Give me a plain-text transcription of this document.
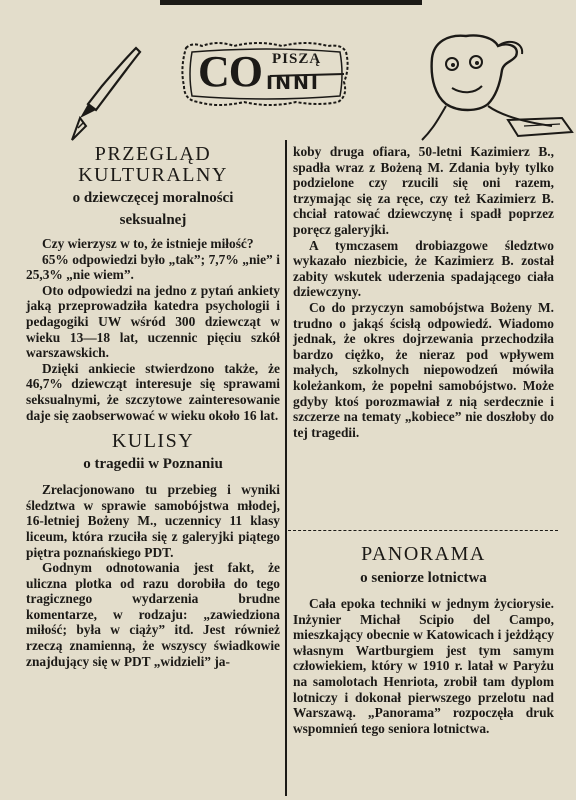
CO PISZĄ
INNI
PRZEGLĄD
KULTURALNY
o dziewczęcej moralności
seksualnej

Czy wierzysz w to, że istnieje miłość?

65% odpowiedzi było „tak”; 7,7% „nie” i 25,3% „nie wiem”.

Oto odpowiedzi na jedno z pytań ankiety jaką przeprowadziła katedra psychologii i pedagogiki UW wśród 300 dziewcząt w wieku 13—18 lat, uczennic pięciu szkół warszawskich.

Dzięki ankiecie stwierdzono także, że 46,7% dziewcząt interesuje się sprawami seksualnymi, że szczytowe zainteresowanie daje się zaobserwować w wieku około 16 lat.

KULISY
o tragedii w Poznaniu

Zrelacjonowano tu przebieg i wyniki śledztwa w sprawie samobójstwa młodej, 16-letniej Bożeny M., uczennicy 11 klasy liceum, która rzuciła się z galeryjki piątego piętra poznańskiego PDT.

Godnym odnotowania jest fakt, że uliczna plotka od razu dorobiła do tego tragicznego wydarzenia brudne komentarze, w rodzaju: „zawiedziona miłość; była w ciąży” itd. Jest również rzeczą znamienną, że wszyscy świadkowie znajdujący się w PDT „widzieli” ja-

koby druga ofiara, 50-letni Kazimierz B., spadła wraz z Bożeną M. Zdania były tylko podzielone czy rzucili się oni razem, trzymając się za ręce, czy też Kazimierz B. chciał ratować dziewczynę i spadł poprzez poręcz galeryjki.

A tymczasem drobiazgowe śledztwo wykazało niezbicie, że Kazimierz B. został zabity wskutek uderzenia spadającego ciała dziewczyny.

Co do przyczyn samobójstwa Bożeny M. trudno o jakąś ścisłą odpowiedź. Wiadomo jednak, że okres dojrzewania przechodziła bardzo ciężko, że nieraz pod wpływem małych, szkolnych niepowodzeń mówiła koleżankom, że popełni samobójstwo. Może gdyby ktoś porozmawiał z nią serdecznie i szczerze na tematy „kobiece” nie doszłoby do tej tragedii.

PANORAMA
o seniorze lotnictwa

Cała epoka techniki w jednym życiorysie. Inżynier Michał Scipio del Campo, mieszkający obecnie w Katowicach i jeżdżący własnym Wartburgiem jest tym samym człowiekiem, który w 1910 r. latał w Paryżu na samolotach Henriota, zrobił tam dyplom lotniczy i dokonał pierwszego przelotu nad Warszawą. „Panorama” rozpoczęła druk wspomnień tego seniora lotnictwa.
